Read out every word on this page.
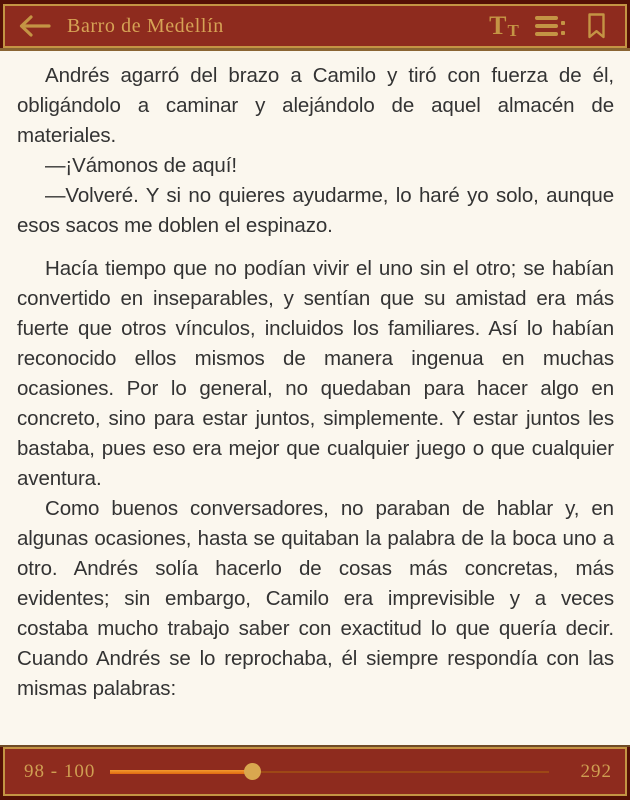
Barro de Medellín	T T

Andrés agarró del brazo a Camilo y tiró con fuerza de él, obligándolo a caminar y alejándolo de aquel almacén de materiales.

—¡Vámonos de aquí!

—Volveré. Y si no quieres ayudarme, lo haré yo solo, aunque esos sacos me doblen el espinazo.

Hacía tiempo que no podían vivir el uno sin el otro; se habían convertido en inseparables, y sentían que su amistad era más fuerte que otros vínculos, incluidos los familiares. Así lo habían reconocido ellos mismos de manera ingenua en muchas ocasiones. Por lo general, no quedaban para hacer algo en concreto, sino para estar juntos, simplemente. Y estar juntos les bastaba, pues eso era mejor que cualquier juego o que cualquier aventura.

Como buenos conversadores, no paraban de hablar y, en algunas ocasiones, hasta se quitaban la palabra de la boca uno a otro. Andrés solía hacerlo de cosas más concretas, más evidentes; sin embargo, Camilo era imprevisible y a veces costaba mucho trabajo saber con exactitud lo que quería decir. Cuando Andrés se lo reprochaba, él siempre respondía con las mismas palabras:

98 - 100	292
